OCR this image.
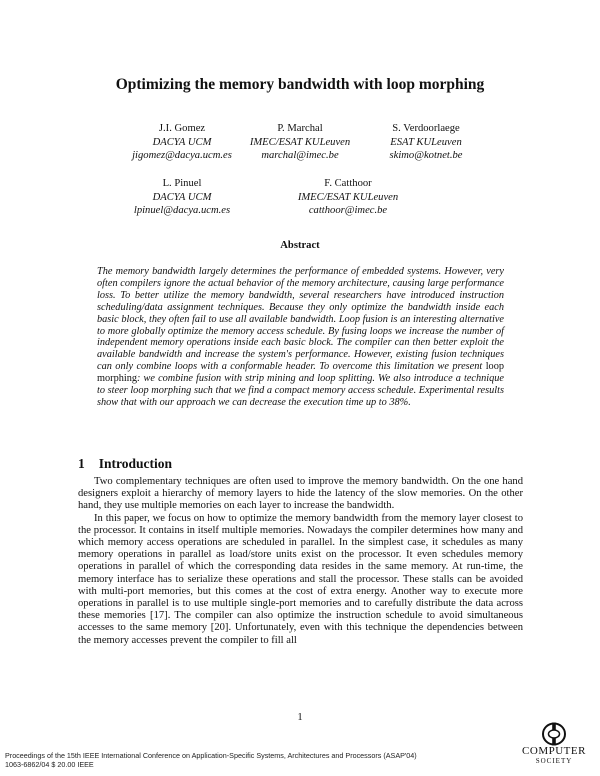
Optimizing the memory bandwidth with loop morphing
J.I. Gomez
DACYA UCM
jigomez@dacya.ucm.es
P. Marchal
IMEC/ESAT KULeuven
marchal@imec.be
S. Verdoorlaege
ESAT KULeuven
skimo@kotnet.be
L. Pinuel
DACYA UCM
lpinuel@dacya.ucm.es
F. Catthoor
IMEC/ESAT KULeuven
catthoor@imec.be
Abstract
The memory bandwidth largely determines the performance of embedded systems. However, very often compilers ignore the actual behavior of the memory architecture, causing large performance loss. To better utilize the memory bandwidth, several researchers have introduced instruction scheduling/data assignment techniques. Because they only optimize the bandwidth inside each basic block, they often fail to use all available bandwidth. Loop fusion is an interesting alternative to more globally optimize the memory access schedule. By fusing loops we increase the number of independent memory operations inside each basic block. The compiler can then better exploit the available bandwidth and increase the system's performance. However, existing fusion techniques can only combine loops with a conformable header. To overcome this limitation we present loop morphing: we combine fusion with strip mining and loop splitting. We also introduce a technique to steer loop morphing such that we find a compact memory access schedule. Experimental results show that with our approach we can decrease the execution time up to 38%.
1 Introduction

Two complementary techniques are often used to improve the memory bandwidth. On the one hand designers exploit a hierarchy of memory layers to hide the latency of the slow memories. On the other hand, they use multiple memories on each layer to increase the bandwidth.

In this paper, we focus on how to optimize the memory bandwidth from the memory layer closest to the processor. It contains in itself multiple memories. Nowadays the compiler determines how many and which memory access operations are scheduled in parallel. In the simplest case, it schedules as many memory operations in parallel as load/store units exist on the processor. It even schedules memory operations in parallel of which the corresponding data resides in the same memory. At run-time, the memory interface has to serialize these operations and stall the processor. These stalls can be avoided with multi-port memories, but this comes at the cost of extra energy. Another way to execute more operations in parallel is to use multiple single-port memories and to carefully distribute the data across these memories [17]. The compiler can also optimize the instruction schedule to avoid simultaneous accesses to the same memory [20]. Unfortunately, even with this technique the dependencies between the memory accesses prevent the compiler to fill all

1
Proceedings of the 15th IEEE International Conference on Application-Specific Systems, Architectures and Processors (ASAP'04)
1063-6862/04 $ 20.00 IEEE
COMPUTER
SOCIETY
